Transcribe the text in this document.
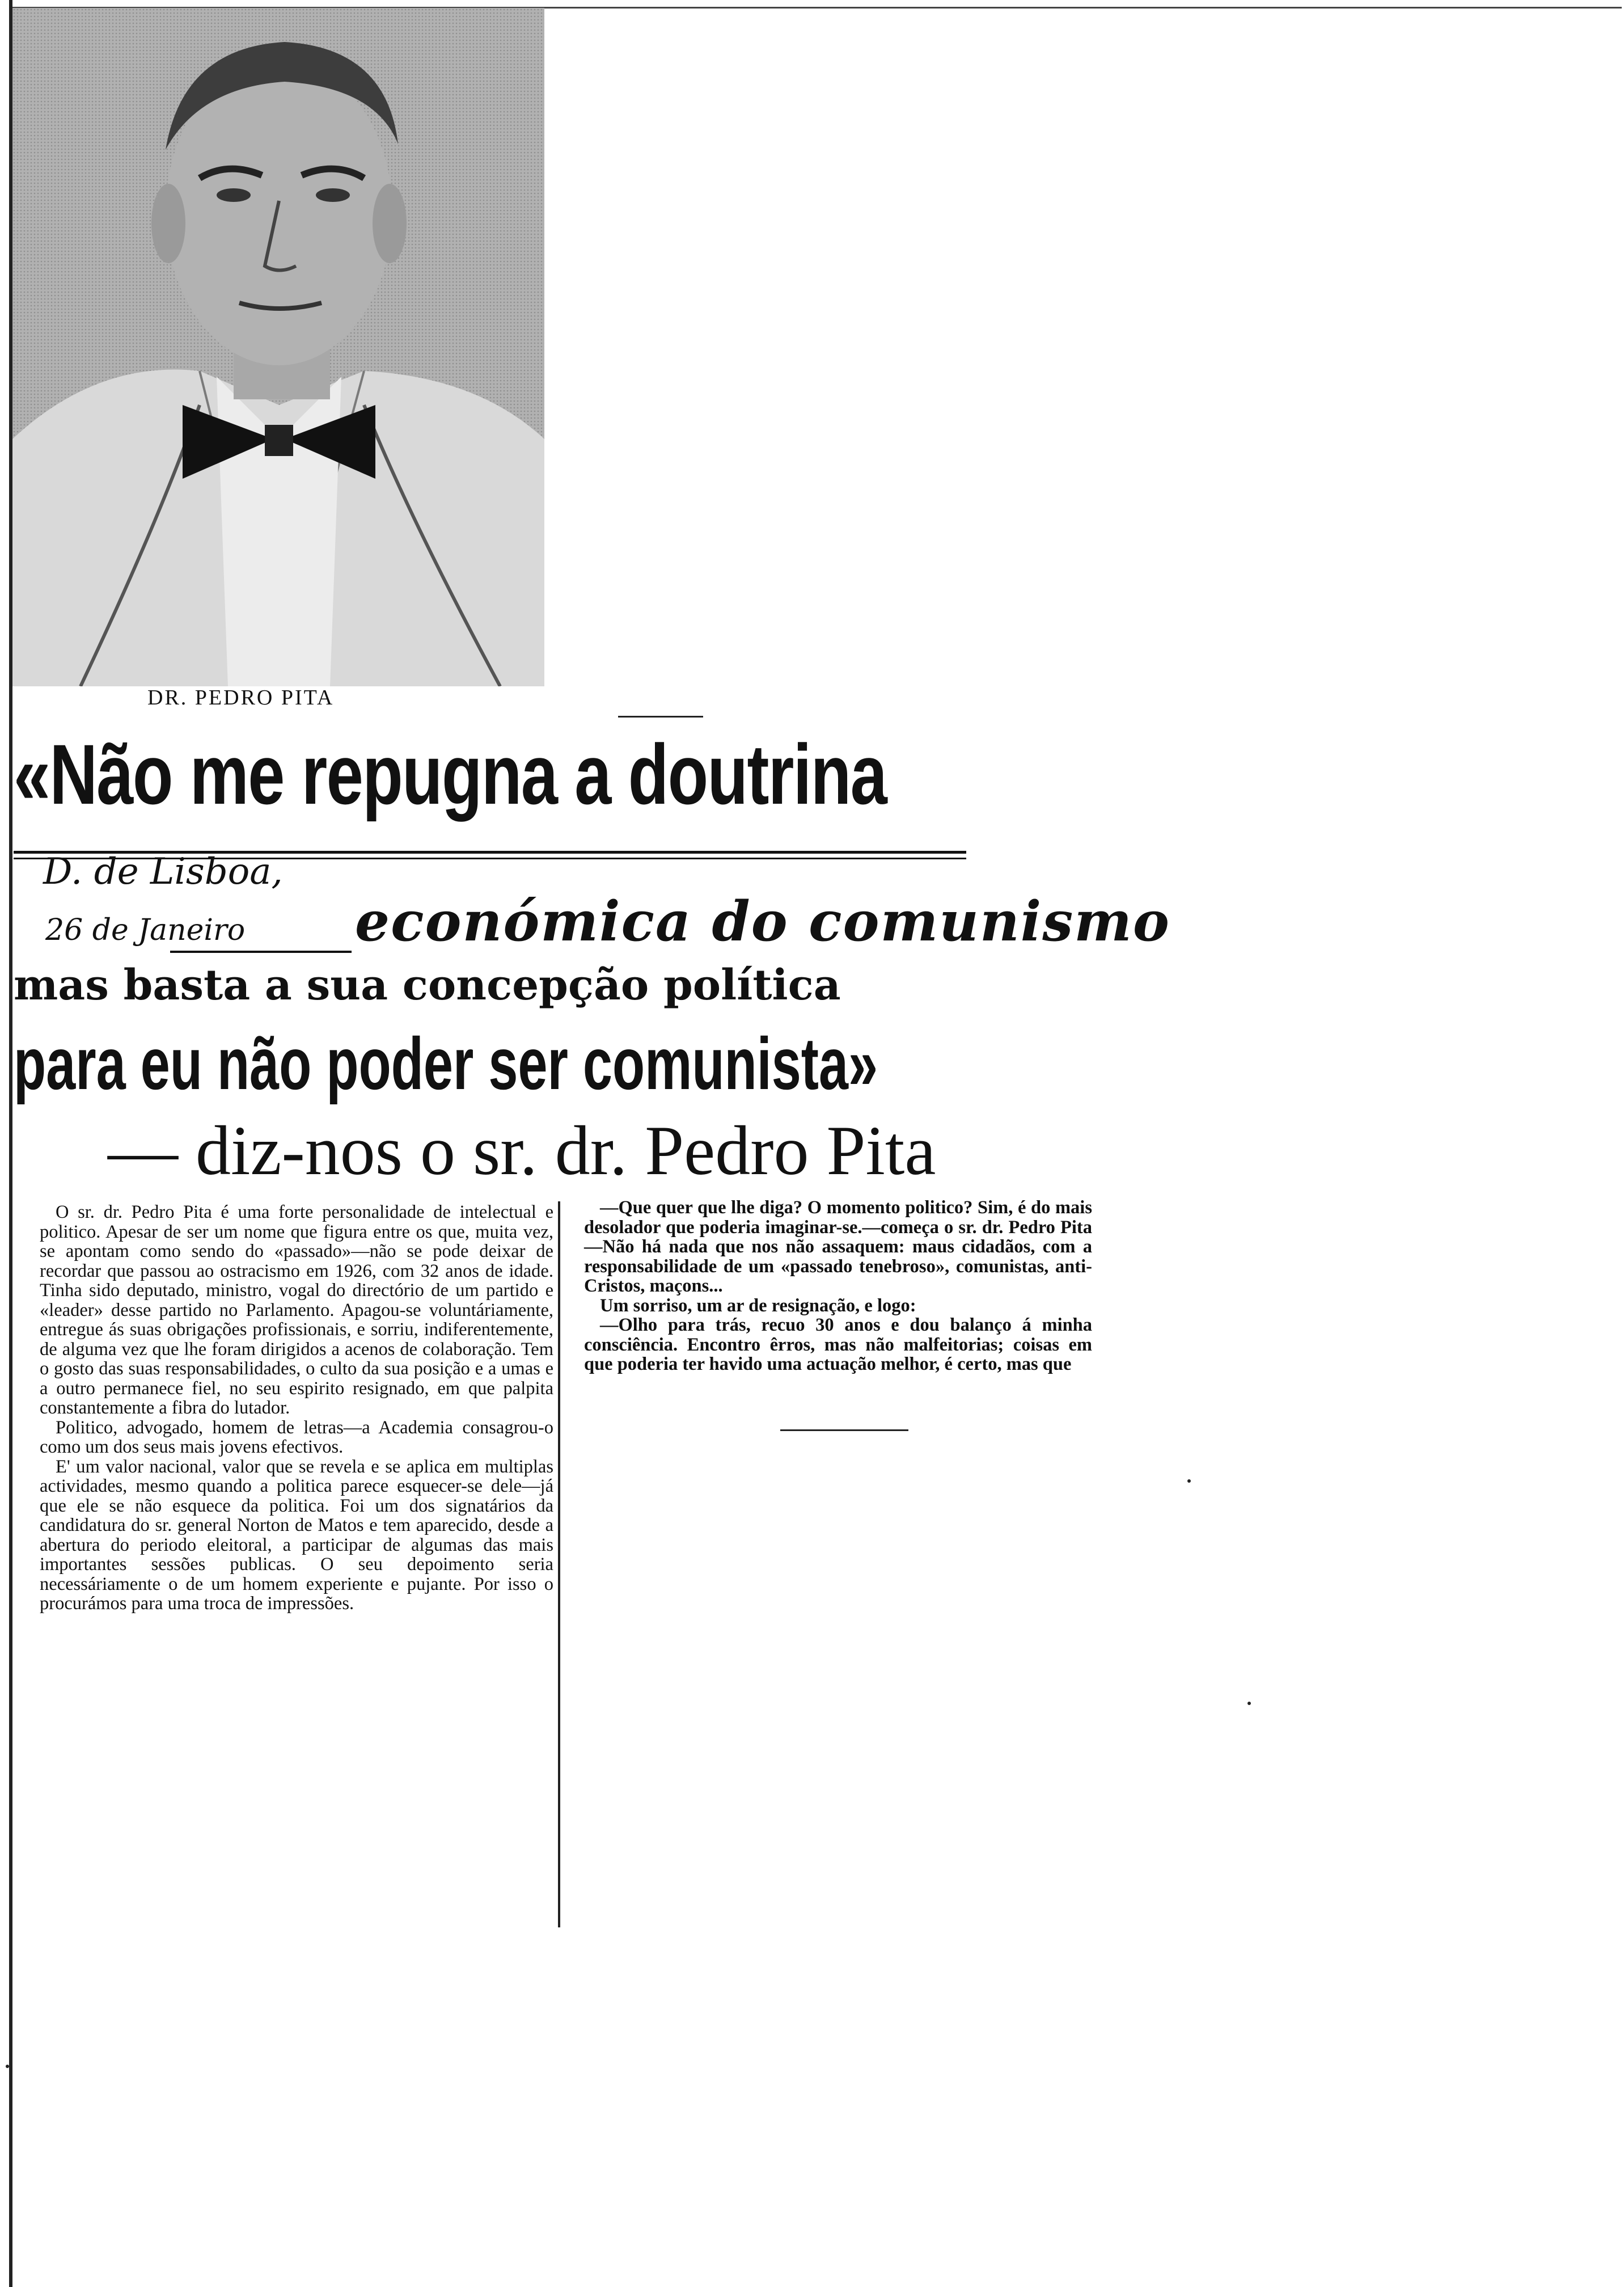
DR. PEDRO PITA
«Não me repugna a doutrina
D. de Lisboa,
26 de Janeiro económica do comunismo
mas basta a sua concepção política
para eu não poder ser comunista»
— diz-nos o sr. dr. Pedro Pita

O sr. dr. Pedro Pita é uma forte personalidade de intelectual e politico. Apesar de ser um nome que figura entre os que, muita vez, se apontam como sendo do «passado»—não se pode deixar de recordar que passou ao ostracismo em 1926, com 32 anos de idade. Tinha sido deputado, ministro, vogal do directório de um partido e «leader» desse partido no Parlamento. Apagou-se voluntáriamente, entregue ás suas obrigações profissionais, e sorriu, indiferentemente, de alguma vez que lhe foram dirigidos a acenos de colaboração. Tem o gosto das suas responsabilidades, o culto da sua posição e a umas e a outro permanece fiel, no seu espirito resignado, em que palpita constantemente a fibra do lutador.

Politico, advogado, homem de letras—a Academia consagrou-o como um dos seus mais jovens efectivos.

E' um valor nacional, valor que se revela e se aplica em multiplas actividades, mesmo quando a politica parece esquecer-se dele—já que ele se não esquece da politica. Foi um dos signatários da candidatura do sr. general Norton de Matos e tem aparecido, desde a abertura do periodo eleitoral, a participar de algumas das mais importantes sessões publicas. O seu depoimento seria necessáriamente o de um homem experiente e pujante. Por isso o procurámos para uma troca de impressões.

—Que quer que lhe diga? O momento politico? Sim, é do mais desolador que poderia imaginar-se.—começa o sr. dr. Pedro Pita—Não há nada que nos não assaquem: maus cidadãos, com a responsabilidade de um «passado tenebroso», comunistas, anti-Cristos, maçons...

Um sorriso, um ar de resignação, e logo:

—Olho para trás, recuo 30 anos e dou balanço á minha consciência. Encontro êrros, mas não malfeitorias; coisas em que poderia ter havido uma actuação melhor, é certo, mas que
